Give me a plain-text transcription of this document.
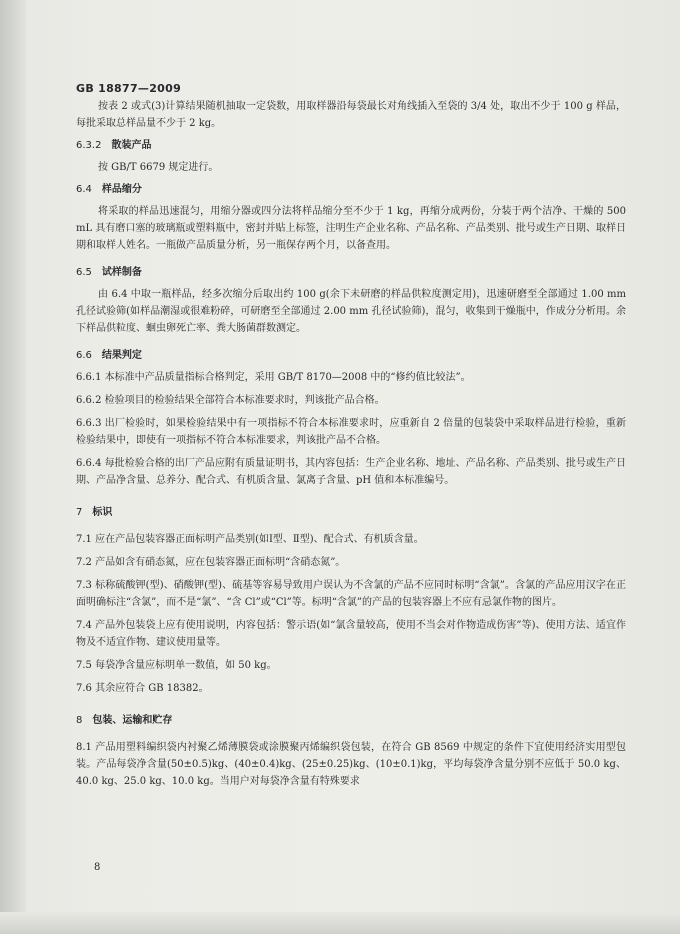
GB 18877—2009

按表 2 或式(3)计算结果随机抽取一定袋数，用取样器沿每袋最长对角线插入至袋的 3/4 处，取出不少于 100 g 样品，每批采取总样品量不少于 2 kg。

6.3.2 散装产品

按 GB/T 6679 规定进行。

6.4 样品缩分

将采取的样品迅速混匀，用缩分器或四分法将样品缩分至不少于 1 kg，再缩分成两份，分装于两个洁净、干燥的 500 mL 具有磨口塞的玻璃瓶或塑料瓶中，密封并贴上标签，注明生产企业名称、产品名称、产品类别、批号或生产日期、取样日期和取样人姓名。一瓶做产品质量分析，另一瓶保存两个月，以备查用。

6.5 试样制备

由 6.4 中取一瓶样品，经多次缩分后取出约 100 g(余下未研磨的样品供粒度测定用)，迅速研磨至全部通过 1.00 mm 孔径试验筛(如样品潮湿或很难粉碎，可研磨至全部通过 2.00 mm 孔径试验筛)，混匀，收集到干燥瓶中，作成分分析用。余下样品供粒度、蛔虫卵死亡率、粪大肠菌群数测定。

6.6 结果判定

6.6.1 本标准中产品质量指标合格判定，采用 GB/T 8170—2008 中的“修约值比较法”。

6.6.2 检验项目的检验结果全部符合本标准要求时，判该批产品合格。

6.6.3 出厂检验时，如果检验结果中有一项指标不符合本标准要求时，应重新自 2 倍量的包装袋中采取样品进行检验，重新检验结果中，即使有一项指标不符合本标准要求，判该批产品不合格。

6.6.4 每批检验合格的出厂产品应附有质量证明书，其内容包括：生产企业名称、地址、产品名称、产品类别、批号或生产日期、产品净含量、总养分、配合式、有机质含量、氯离子含量、pH 值和本标准编号。

7 标识

7.1 应在产品包装容器正面标明产品类别(如Ⅰ型、Ⅱ型)、配合式、有机质含量。

7.2 产品如含有硝态氮，应在包装容器正面标明“含硝态氮”。

7.3 标称硫酸钾(型)、硝酸钾(型)、硫基等容易导致用户误认为不含氯的产品不应同时标明“含氯”。含氯的产品应用汉字在正面明确标注“含氯”，而不是“氯”、“含 Cl”或“Cl”等。标明“含氯”的产品的包装容器上不应有忌氯作物的图片。

7.4 产品外包装袋上应有使用说明，内容包括：警示语(如“氯含量较高，使用不当会对作物造成伤害”等)、使用方法、适宜作物及不适宜作物、建议使用量等。

7.5 每袋净含量应标明单一数值，如 50 kg。

7.6 其余应符合 GB 18382。

8 包装、运输和贮存

8.1 产品用塑料编织袋内衬聚乙烯薄膜袋或涂膜聚丙烯编织袋包装，在符合 GB 8569 中规定的条件下宜使用经济实用型包装。产品每袋净含量(50±0.5)kg、(40±0.4)kg、(25±0.25)kg、(10±0.1)kg，平均每袋净含量分别不应低于 50.0 kg、40.0 kg、25.0 kg、10.0 kg。当用户对每袋净含量有特殊要求

8
